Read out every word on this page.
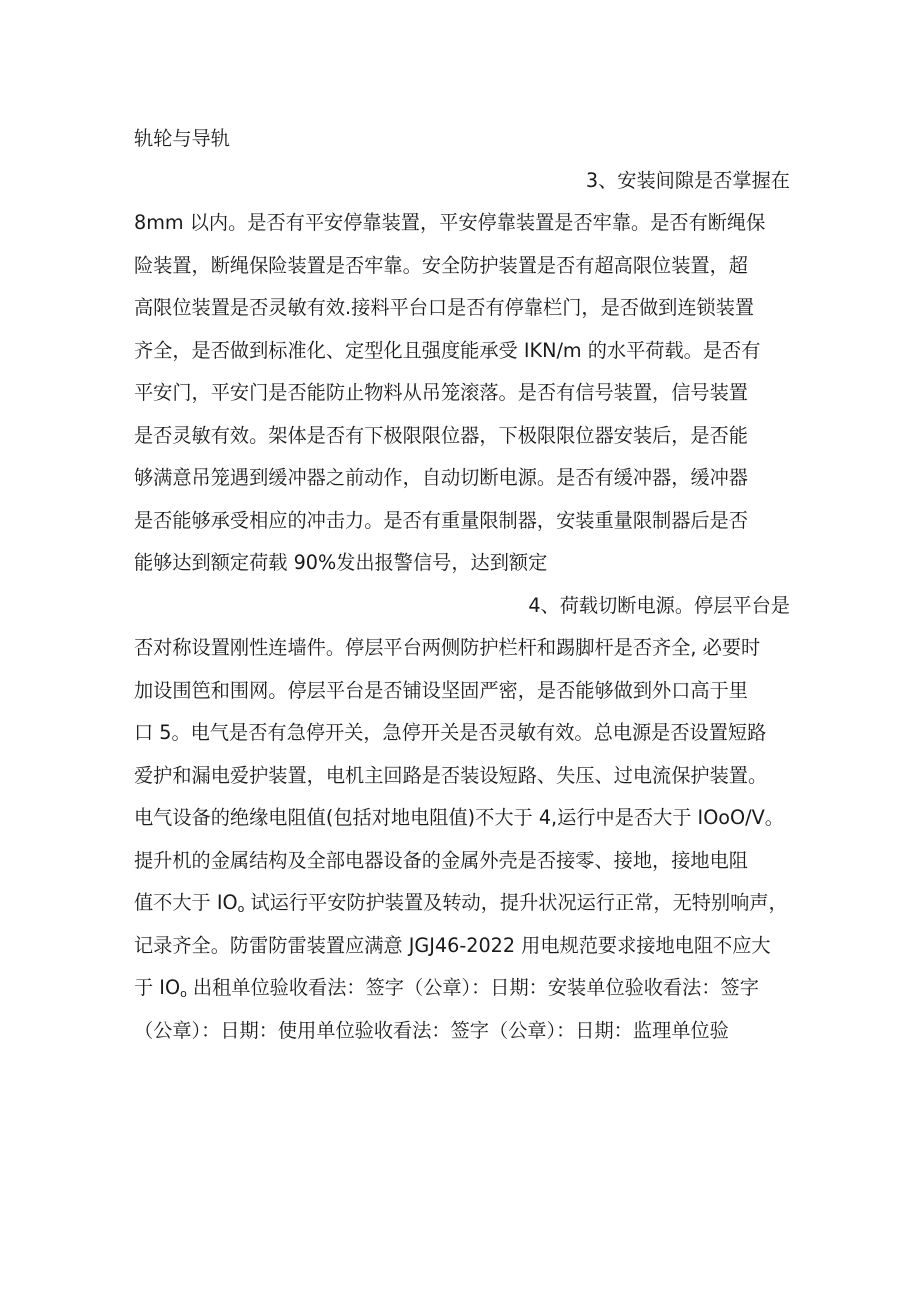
轨轮与导轨
3、安装间隙是否掌握在
8mm 以内。是否有平安停靠装置，平安停靠装置是否牢靠。是否有断绳保
险装置，断绳保险装置是否牢靠。安全防护装置是否有超高限位装置，超
高限位装置是否灵敏有效.接料平台口是否有停靠栏门，是否做到连锁装置
齐全，是否做到标准化、定型化且强度能承受 IKN/m 的水平荷载。是否有
平安门，平安门是否能防止物料从吊笼滚落。是否有信号装置，信号装置
是否灵敏有效。架体是否有下极限限位器，下极限限位器安装后，是否能
够满意吊笼遇到缓冲器之前动作，自动切断电源。是否有缓冲器，缓冲器
是否能够承受相应的冲击力。是否有重量限制器，安装重量限制器后是否
能够达到额定荷载 90%发出报警信号，达到额定
4、荷载切断电源。停层平台是
否对称设置刚性连墙件。停层平台两侧防护栏杆和踢脚杆是否齐全, 必要时
加设围笆和围网。停层平台是否铺设坚固严密，是否能够做到外口高于里
口 5。电气是否有急停开关，急停开关是否灵敏有效。总电源是否设置短路
爱护和漏电爱护装置，电机主回路是否装设短路、失压、过电流保护装置。
电气设备的绝缘电阻值(包括对地电阻值)不大于 4,运行中是否大于 IOoO/V。
提升机的金属结构及全部电器设备的金属外壳是否接零、接地，接地电阻
值不大于 $IO_o$ 试运行平安防护装置及转动，提升状况运行正常，无特别响声，
记录齐全。防雷防雷装置应满意 JGJ46-2022 用电规范要求接地电阻不应大
于 $IO_o$ 出租单位验收看法：签字（公章）：日期：安装单位验收看法：签字
（公章）：日期：使用单位验收看法：签字（公章）：日期：监理单位验
